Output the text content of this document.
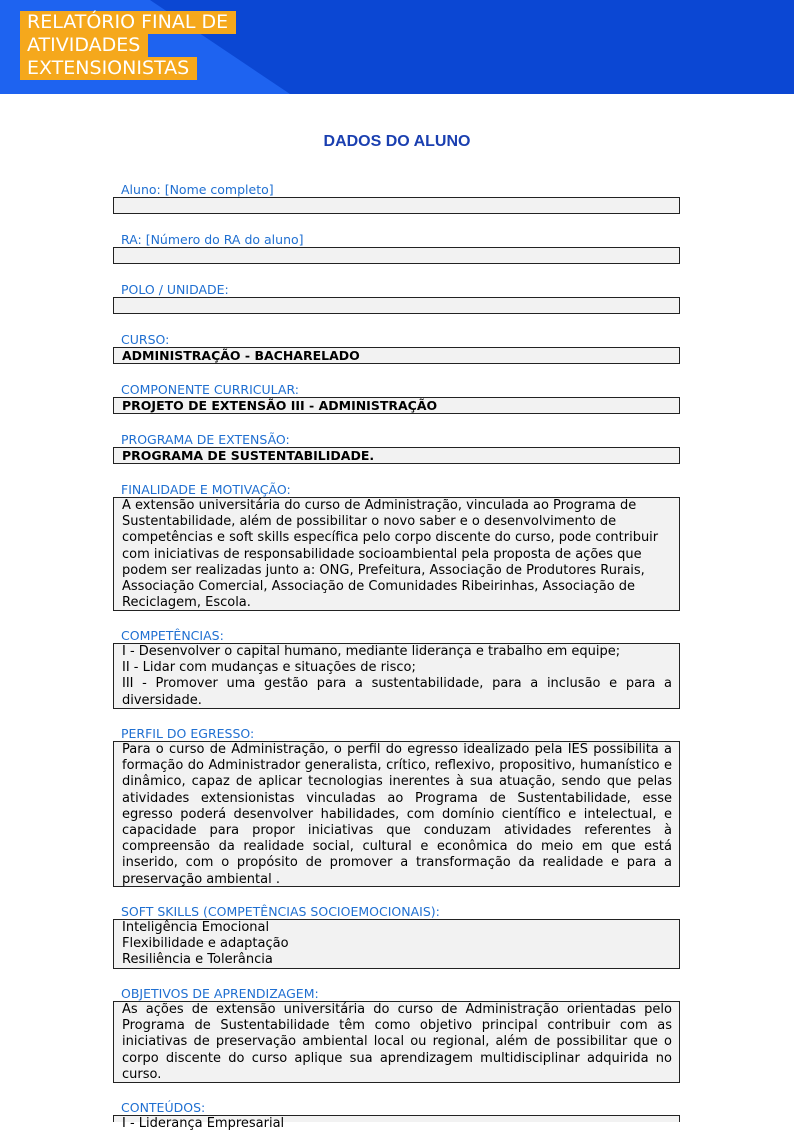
RELATÓRIO FINAL DE
ATIVIDADES
EXTENSIONISTAS
DADOS DO ALUNO
Aluno: [Nome completo]
RA: [Número do RA do aluno]
POLO / UNIDADE:
CURSO:
ADMINISTRAÇÃO - BACHARELADO
COMPONENTE CURRICULAR:
PROJETO DE EXTENSÃO III - ADMINISTRAÇÃO
PROGRAMA DE EXTENSÃO:
PROGRAMA DE SUSTENTABILIDADE.
FINALIDADE E MOTIVAÇÃO:
A extensão universitária do curso de Administração, vinculada ao Programa de Sustentabilidade, além de possibilitar o novo saber e o desenvolvimento de competências e soft skills específica pelo corpo discente do curso, pode contribuir com iniciativas de responsabilidade socioambiental pela proposta de ações que podem ser realizadas junto a: ONG, Prefeitura, Associação de Produtores Rurais, Associação Comercial, Associação de Comunidades Ribeirinhas, Associação de Reciclagem, Escola.
COMPETÊNCIAS:
I - Desenvolver o capital humano, mediante liderança e trabalho em equipe;
II - Lidar com mudanças e situações de risco;
III - Promover uma gestão para a sustentabilidade, para a inclusão e para a diversidade.
PERFIL DO EGRESSO:
Para o curso de Administração, o perfil do egresso idealizado pela IES possibilita a formação do Administrador generalista, crítico, reflexivo, propositivo, humanístico e dinâmico, capaz de aplicar tecnologias inerentes à sua atuação, sendo que pelas atividades extensionistas vinculadas ao Programa de Sustentabilidade, esse egresso poderá desenvolver habilidades, com domínio científico e intelectual, e capacidade para propor iniciativas que conduzam atividades referentes à compreensão da realidade social, cultural e econômica do meio em que está inserido, com o propósito de promover a transformação da realidade e para a preservação ambiental .
SOFT SKILLS (COMPETÊNCIAS SOCIOEMOCIONAIS):
Inteligência Emocional
Flexibilidade e adaptação
Resiliência e Tolerância
OBJETIVOS DE APRENDIZAGEM:
As ações de extensão universitária do curso de Administração orientadas pelo Programa de Sustentabilidade têm como objetivo principal contribuir com as iniciativas de preservação ambiental local ou regional, além de possibilitar que o corpo discente do curso aplique sua aprendizagem multidisciplinar adquirida no curso.
CONTEÚDOS:
I - Liderança Empresarial
